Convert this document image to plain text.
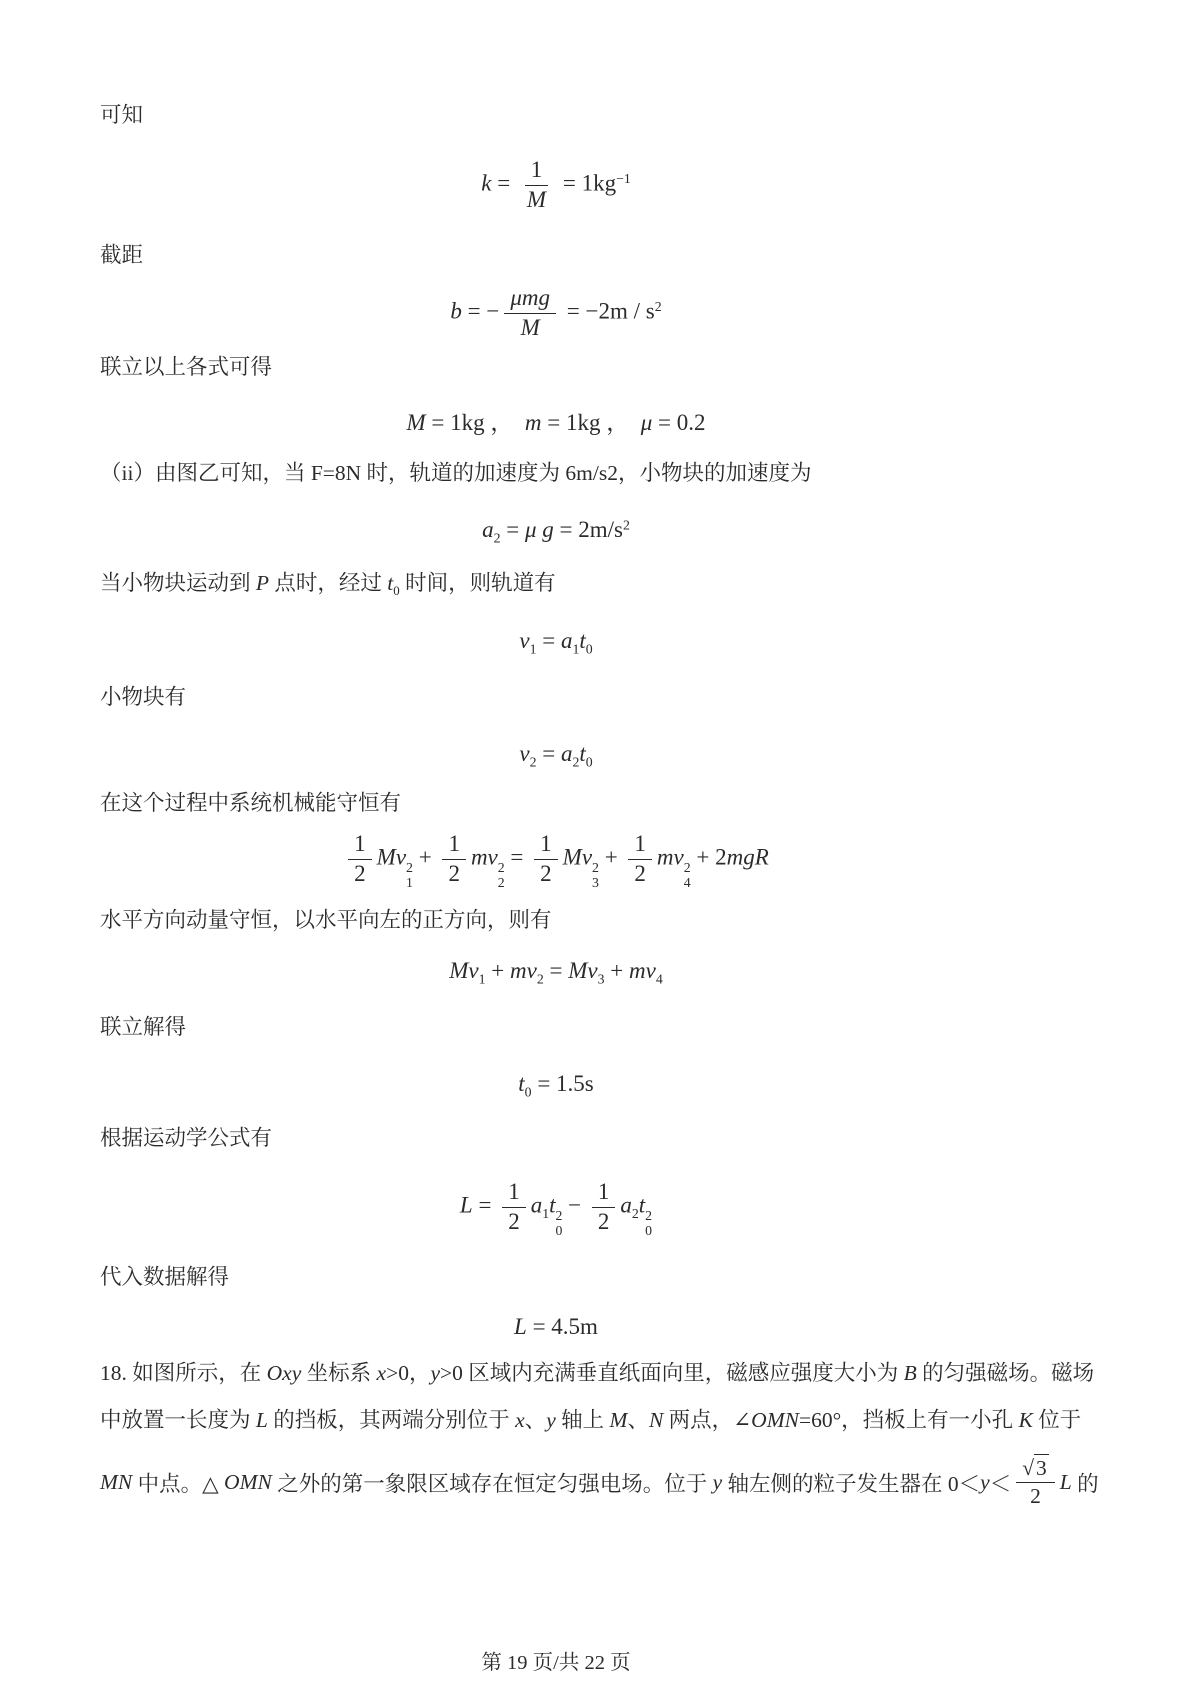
可知
$k = \frac{1}{M} = 1kg^{-1}$
截距
b = −
μmg
M
= $-2m / s^2$
联立以上各式可得
M = 1kg ，  m = 1kg ，  μ = 0.2
（ii）由图乙可知，当 F=8N 时，轨道的加速度为 6m/s2，小物块的加速度为
$a_2 = \mu$ $g = 2m/s^2$
当小物块运动到 P 点时，经过 $t_0$ 时间，则轨道有
$v_1 = a_1t_0$
小物块有
$v_2 = a_2t_0$
在这个过程中系统机械能守恒有
$\frac{1}{2}$ Mv 2
1
+ $\frac{1}{2}$ mv 2
2
= $\frac{1}{2}$ Mv 2
3
+ $\frac{1}{2}$ mv 2
4
+ 2mgR
水平方向动量守恒，以水平向左的正方向，则有
$Mv_1 + mv_2 = Mv_3 + mv_4$
联立解得
$t_0 = 1.5s$
根据运动学公式有
$L = \frac{1}{2} a_1t$ 2
0
− $\frac{1}{2} a_2t$ 2
0
代入数据解得
L = 4.5m
18. 如图所示，在 Oxy 坐标系 x>0，y>0 区域内充满垂直纸面向里，磁感应强度大小为 B 的匀强磁场。磁场
中放置一长度为 L 的挡板，其两端分别位于 x、y 轴上 M、N 两点，∠OMN=60°，挡板上有一小孔 K 位于
MN 中点。△ OMN 之外的第一象限区域存在恒定匀强电场。位于 y 轴左侧的粒子发生器在 $0< y < \frac{√ 3}{2}$ L 的
第 19 页/共 22 页
